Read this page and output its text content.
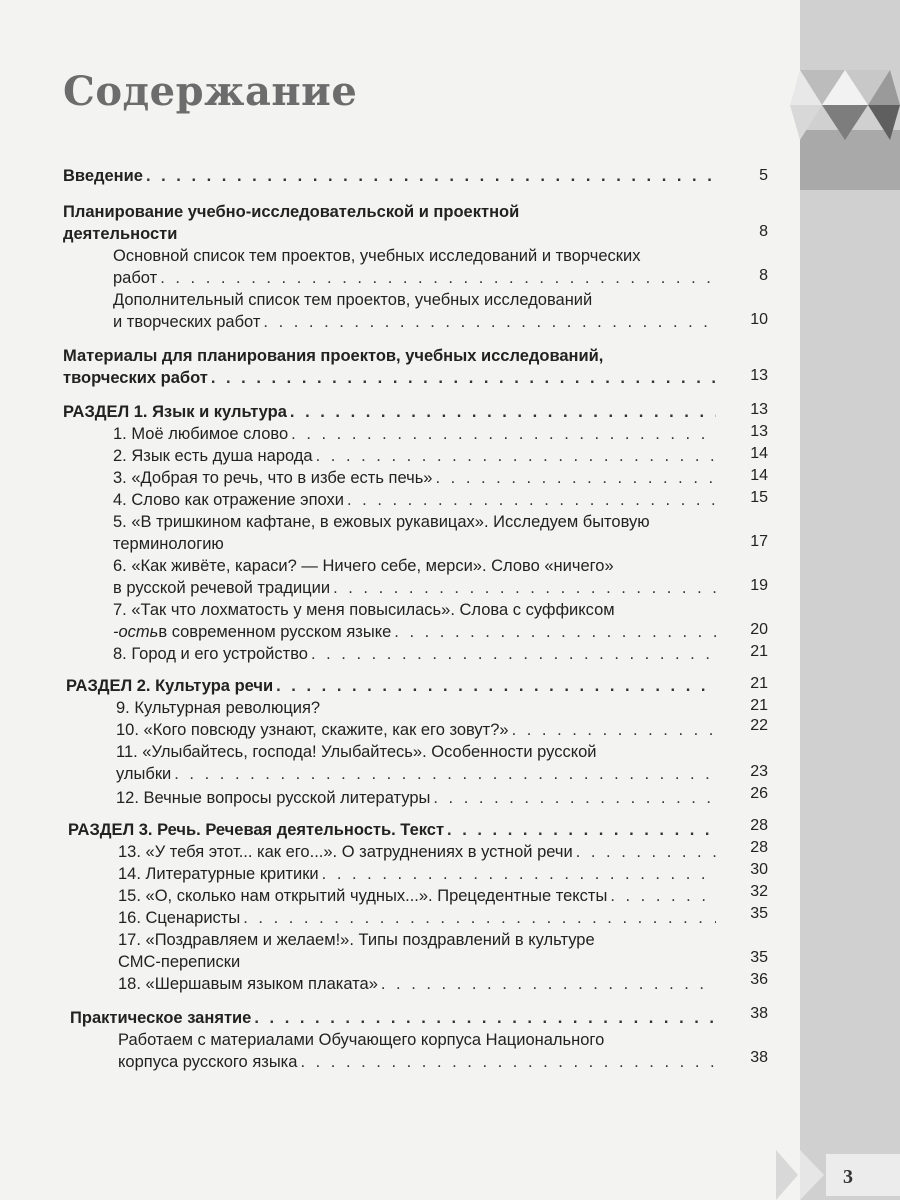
3
Содержание
Введение . . .	5
Планирование учебно-исследовательской и проектной
деятельности	8
Основной список тем проектов, учебных исследований и творческих
работ . . .	8
Дополнительный список тем проектов, учебных исследований
и творческих работ . . .	10
Материалы для планирования проектов, учебных исследований,
творческих работ . . .	13
РАЗДЕЛ 1. Язык и культура . . .	13
1. Моё любимое слово . . .	13
2. Язык есть душа народа . . .	14
3. «Добрая то речь, что в избе есть печь» . . .	14
4. Слово как отражение эпохи . . .	15
5. «В тришкином кафтане, в ежовых рукавицах». Исследуем бытовую
терминологию	17
6. «Как живёте, караси? — Ничего себе, мерси». Слово «ничего»
в русской речевой традиции . . .	19
7. «Так что лохматость у меня повысилась». Слова с суффиксом
-ость в современном русском языке . . .	20
8. Город и его устройство . . .	21
РАЗДЕЛ 2. Культура речи . . .	21
9. Культурная революция?	21
10. «Кого повсюду узнают, скажите, как его зовут?» . . .	22
11. «Улыбайтесь, господа! Улыбайтесь». Особенности русской
улыбки . . .	23
12. Вечные вопросы русской литературы . . .	26
РАЗДЕЛ 3. Речь. Речевая деятельность. Текст . . .	28
13. «У тебя этот... как его...». О затруднениях в устной речи . . .	28
14. Литературные критики . . .	30
15. «О, сколько нам открытий чудных...». Прецедентные тексты . . .	32
16. Сценаристы . . .	35
17. «Поздравляем и желаем!». Типы поздравлений в культуре
СМС-переписки	35
18. «Шершавым языком плаката» . . .	36
Практическое занятие . . .	38
Работаем с материалами Обучающего корпуса Национального
корпуса русского языка . . .	38
